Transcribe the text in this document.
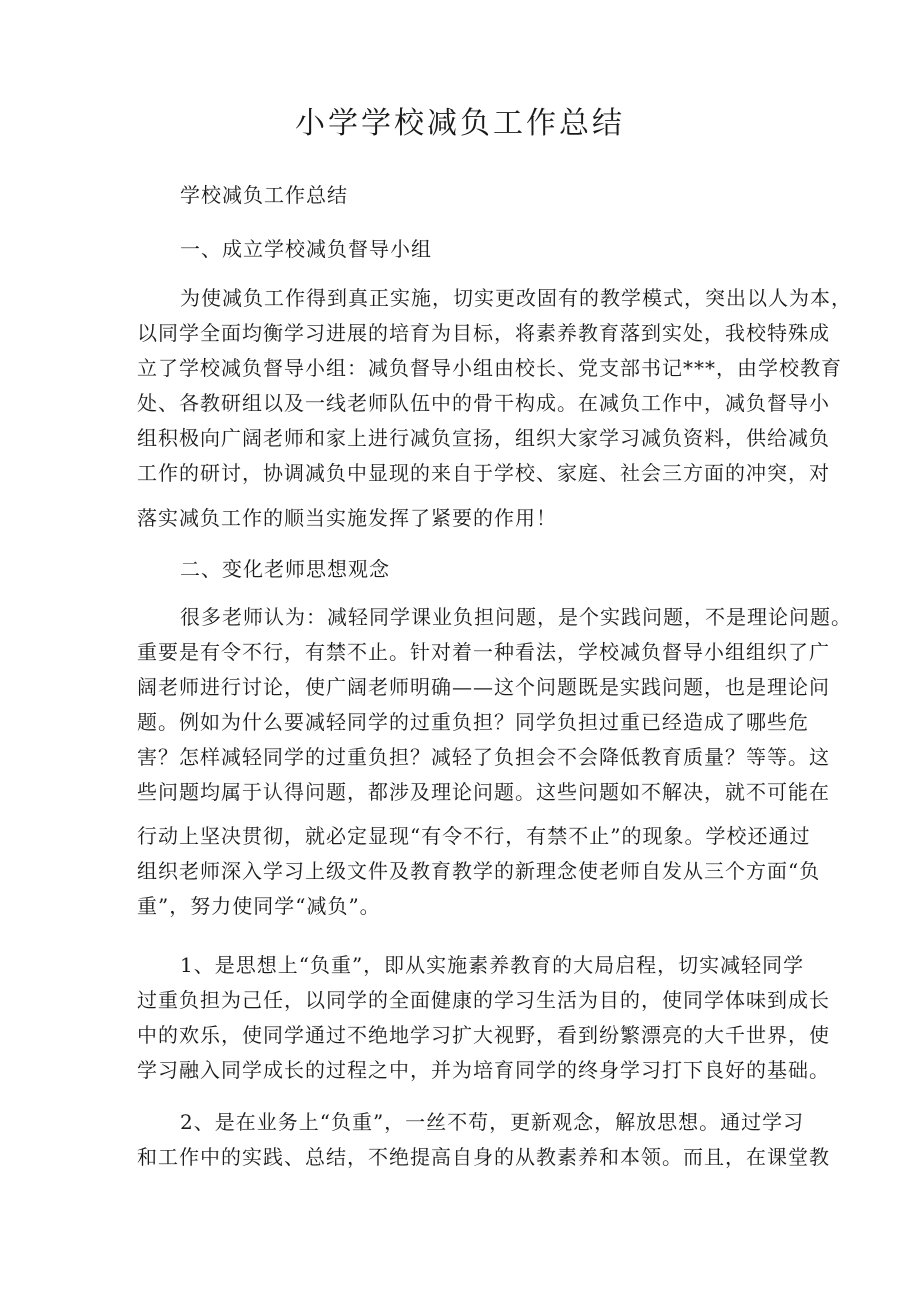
小学学校减负工作总结
学校减负工作总结
一、成立学校减负督导小组
为使减负工作得到真正实施，切实更改固有的教学模式，突出以人为本，
以同学全面均衡学习进展的培育为目标，将素养教育落到实处，我校特殊成
立了学校减负督导小组：减负督导小组由校长、党支部书记***，由学校教育
处、各教研组以及一线老师队伍中的骨干构成。在减负工作中，减负督导小
组积极向广阔老师和家上进行减负宣扬，组织大家学习减负资料，供给减负
工作的研讨，协调减负中显现的来自于学校、家庭、社会三方面的冲突，对
落实减负工作的顺当实施发挥了紧要的作用！
二、变化老师思想观念
很多老师认为：减轻同学课业负担问题，是个实践问题，不是理论问题。
重要是有令不行，有禁不止。针对着一种看法，学校减负督导小组组织了广
阔老师进行讨论，使广阔老师明确——这个问题既是实践问题，也是理论问
题。例如为什么要减轻同学的过重负担？同学负担过重已经造成了哪些危
害？怎样减轻同学的过重负担？减轻了负担会不会降低教育质量？等等。这
些问题均属于认得问题，都涉及理论问题。这些问题如不解决，就不可能在
行动上坚决贯彻，就必定显现“有令不行，有禁不止”的现象。学校还通过
组织老师深入学习上级文件及教育教学的新理念使老师自发从三个方面“负
重”，努力使同学“减负”。
1、是思想上“负重”，即从实施素养教育的大局启程，切实减轻同学
过重负担为己任，以同学的全面健康的学习生活为目的，使同学体味到成长
中的欢乐，使同学通过不绝地学习扩大视野，看到纷繁漂亮的大千世界，使
学习融入同学成长的过程之中，并为培育同学的终身学习打下良好的基础。
2、是在业务上“负重”，一丝不苟，更新观念，解放思想。通过学习
和工作中的实践、总结，不绝提高自身的从教素养和本领。而且，在课堂教
